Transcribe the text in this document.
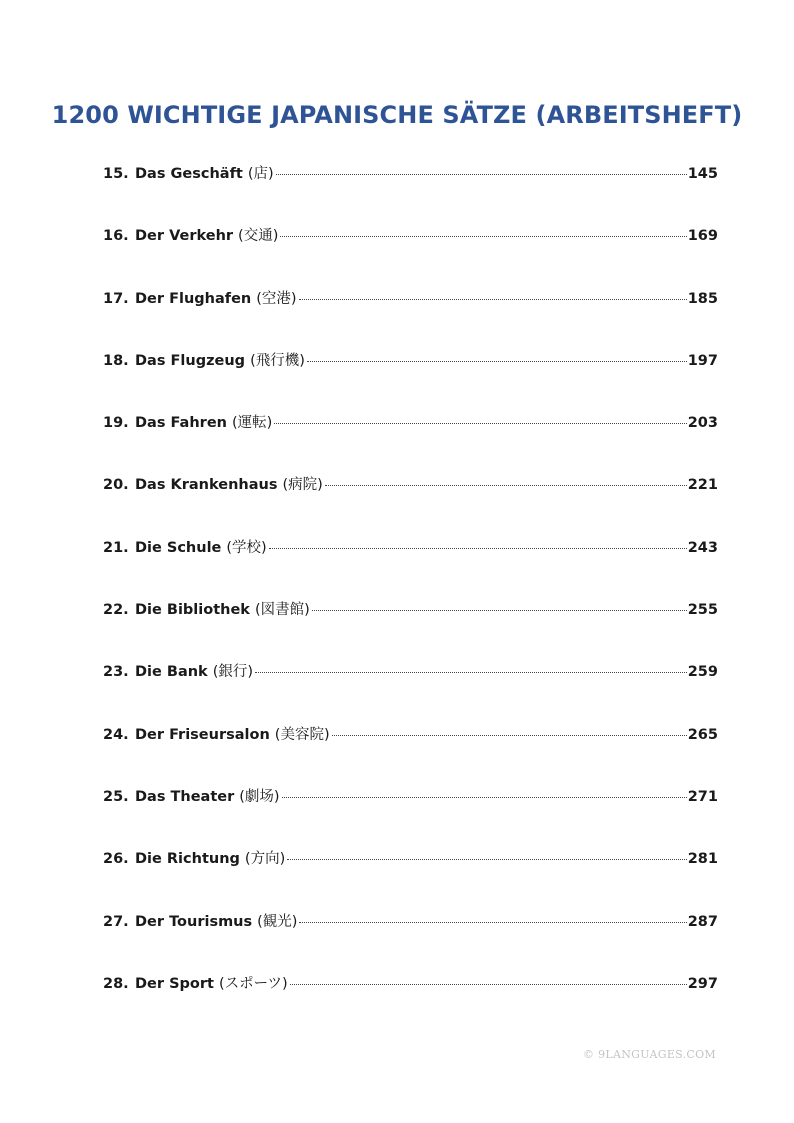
1200 WICHTIGE JAPANISCHE SÄTZE (ARBEITSHEFT)
15. Das Geschäft (店)	145
16. Der Verkehr (交通)	169
17. Der Flughafen (空港)	185
18. Das Flugzeug (飛行機)	197
19. Das Fahren (運転)	203
20. Das Krankenhaus (病院)	221
21. Die Schule (学校)	243
22. Die Bibliothek (図書館)	255
23. Die Bank (銀行)	259
24. Der Friseursalon (美容院)	265
25. Das Theater (劇场)	271
26. Die Richtung (方向)	281
27. Der Tourismus (観光)	287
28. Der Sport (スポーツ)	297
© 9LANGUAGES.COM
